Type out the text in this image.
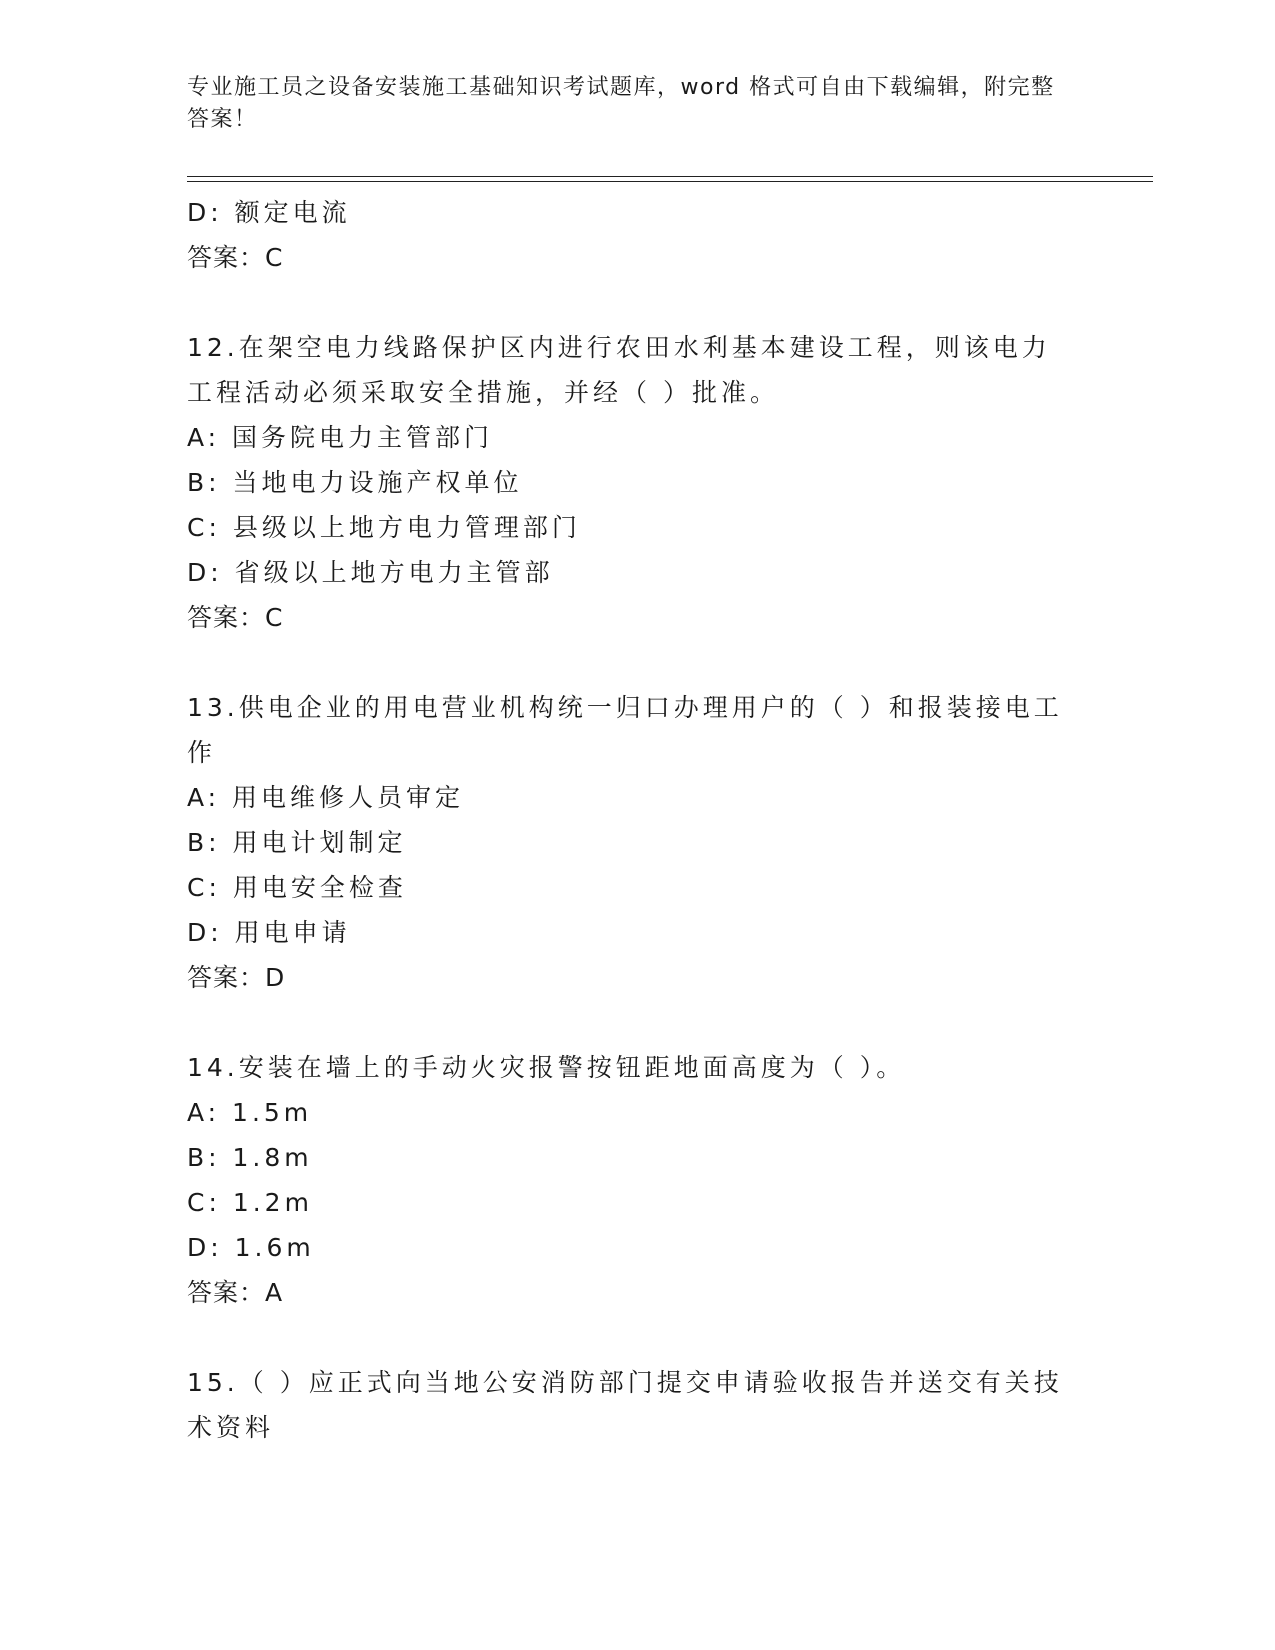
专业施工员之设备安装施工基础知识考试题库，word 格式可自由下载编辑，附完整答案！
D: 额定电流
答案：C
12.在架空电力线路保护区内进行农田水利基本建设工程，则该电力工程活动必须采取安全措施，并经（ ）批准。
A: 国务院电力主管部门
B: 当地电力设施产权单位
C: 县级以上地方电力管理部门
D: 省级以上地方电力主管部
答案：C
13.供电企业的用电营业机构统一归口办理用户的（ ）和报装接电工作
A: 用电维修人员审定
B: 用电计划制定
C: 用电安全检查
D: 用电申请
答案：D
14.安装在墙上的手动火灾报警按钮距地面高度为（ ）。
A: 1.5m
B: 1.8m
C: 1.2m
D: 1.6m
答案：A
15.（ ）应正式向当地公安消防部门提交申请验收报告并送交有关技术资料
